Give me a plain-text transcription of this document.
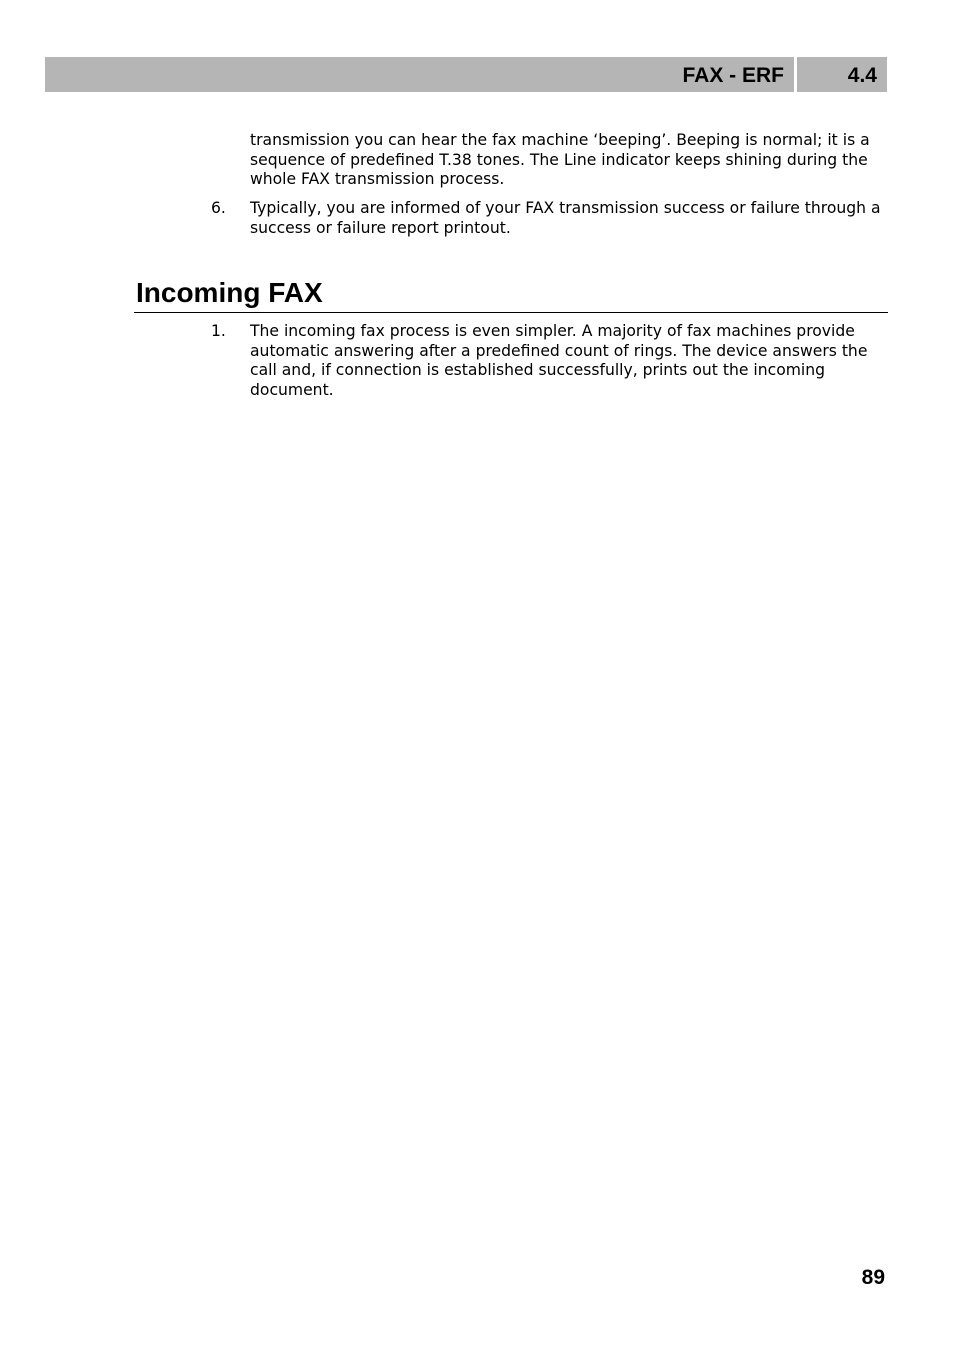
FAX - ERF	4.4

transmission you can hear the fax machine ‘beeping’. Beeping is normal; it is a sequence of predefined T.38 tones. The Line indicator keeps shining during the whole FAX transmission process.

6. Typically, you are informed of your FAX transmission success or failure through a success or failure report printout.

Incoming FAX
1. The incoming fax process is even simpler. A majority of fax machines provide automatic answering after a predefined count of rings. The device answers the call and, if connection is established successfully, prints out the incoming document.

89
